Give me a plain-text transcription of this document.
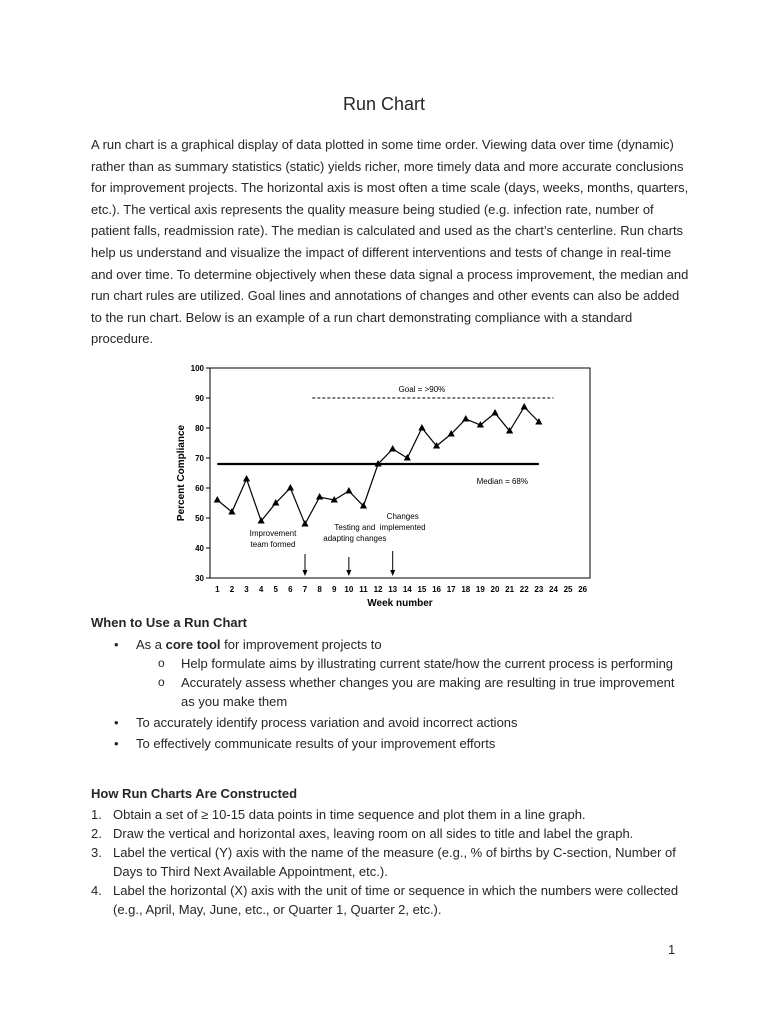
Run Chart

A run chart is a graphical display of data plotted in some time order. Viewing data over time (dynamic) rather than as summary statistics (static) yields richer, more timely data and more accurate conclusions for improvement projects. The horizontal axis is most often a time scale (days, weeks, months, quarters, etc.). The vertical axis represents the quality measure being studied (e.g. infection rate, number of patient falls, readmission rate). The median is calculated and used as the chart’s centerline. Run charts help us understand and visualize the impact of different interventions and tests of change in real-time and over time. To determine objectively when these data signal a process improvement, the median and run chart rules are utilized. Goal lines and annotations of changes and other events can also be added to the run chart. Below is an example of a run chart demonstrating compliance with a standard procedure.

30
40
50
60
70
80
90
100
1 2 3 4 5 6 7 8 9 10 11 12 13 14 15 16 17 18 19 20 21 22 23 24 25 26
Week number
Percent Compliance	Median = 68%
Goal = >90%
Improvement
team formed
Testing and
adapting changes
Changes
implemented
When to Use a Run Chart
• As a core tool for improvement projects to
o Help formulate aims by illustrating current state/how the current process is performing
o Accurately assess whether changes you are making are resulting in true improvement as you make them
• To accurately identify process variation and avoid incorrect actions
• To effectively communicate results of your improvement efforts
How Run Charts Are Constructed
1. Obtain a set of ≥ 10-15 data points in time sequence and plot them in a line graph.
2. Draw the vertical and horizontal axes, leaving room on all sides to title and label the graph.
3. Label the vertical (Y) axis with the name of the measure (e.g., % of births by C-section, Number of Days to Third Next Available Appointment, etc.).
4. Label the horizontal (X) axis with the unit of time or sequence in which the numbers were collected (e.g., April, May, June, etc., or Quarter 1, Quarter 2, etc.).
1
